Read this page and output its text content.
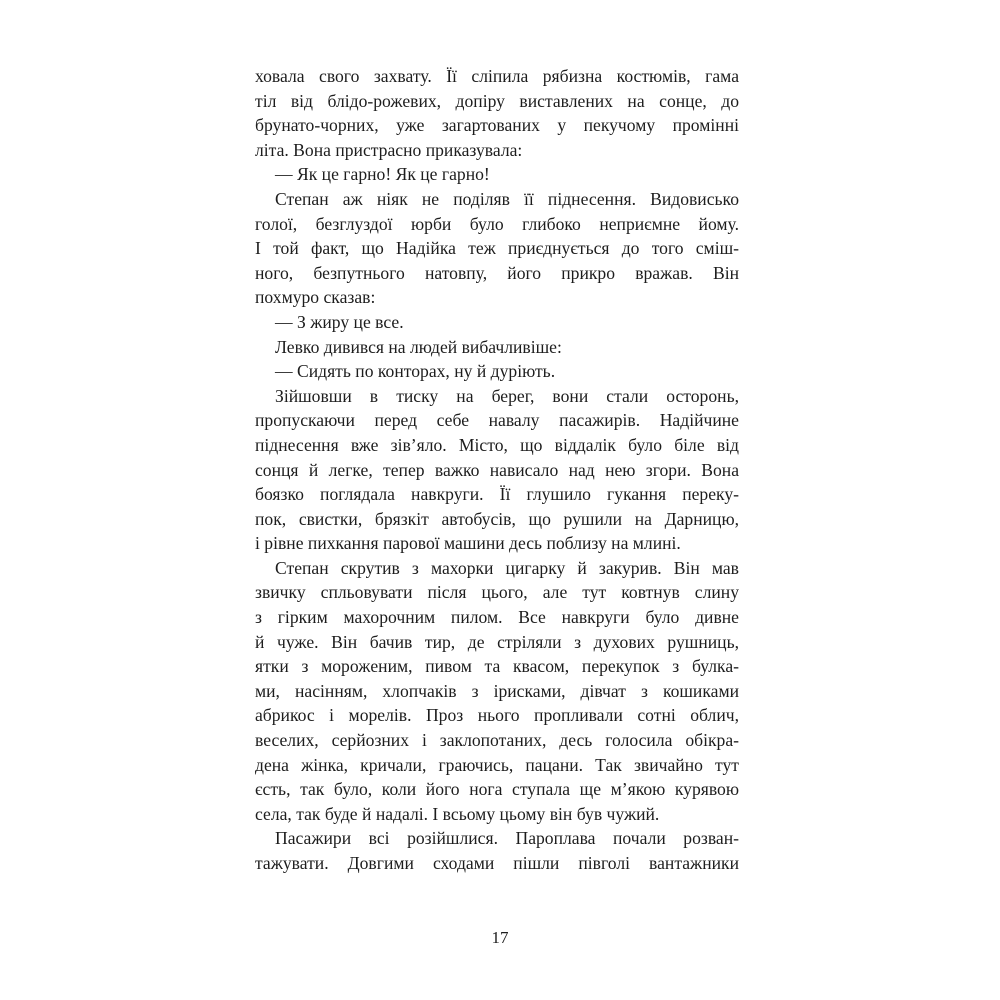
ховала свого захвату. Її сліпила рябизна костюмів, гама
тіл від блідо-рожевих, допіру виставлених на сонце, до
брунато-чорних, уже загартованих у пекучому промінні
літа. Вона пристрасно приказувала:
— Як це гарно! Як це гарно!
Степан аж ніяк не поділяв її піднесення. Видовисько
голої, безглуздої юрби було глибоко неприємне йому.
І той факт, що Надійка теж приєднується до того сміш-
ного, безпутнього натовпу, його прикро вражав. Він
похмуро сказав:
— З жиру це все.
Левко дивився на людей вибачливіше:
— Сидять по конторах, ну й дуріють.
Зійшовши в тиску на берег, вони стали осторонь,
пропускаючи перед себе навалу пасажирів. Надійчине
піднесення вже зів’яло. Місто, що віддалік було біле від
сонця й легке, тепер важко нависало над нею згори. Вона
боязко поглядала навкруги. Її глушило гукання переку-
пок, свистки, брязкіт автобусів, що рушили на Дарницю,
і рівне пихкання парової машини десь поблизу на млині.
Степан скрутив з махорки цигарку й закурив. Він мав
звичку спльовувати після цього, але тут ковтнув слину
з гірким махорочним пилом. Все навкруги було дивне
й чуже. Він бачив тир, де стріляли з духових рушниць,
ятки з морожeним, пивом та квасом, перекупок з булка-
ми, насінням, хлопчаків з ірисками, дівчат з кошиками
абрикос і морелів. Проз нього пропливали сотні облич,
веселих, серйозних і заклопотаних, десь голосила обікра-
дена жінка, кричали, граючись, пацани. Так звичайно тут
єсть, так було, коли його нога ступала ще м’якою курявою
села, так буде й надалі. І всьому цьому він був чужий.
Пасажири всі розійшлися. Пароплава почали розван-
тажувати. Довгими сходами пішли півголі вантажники
17
